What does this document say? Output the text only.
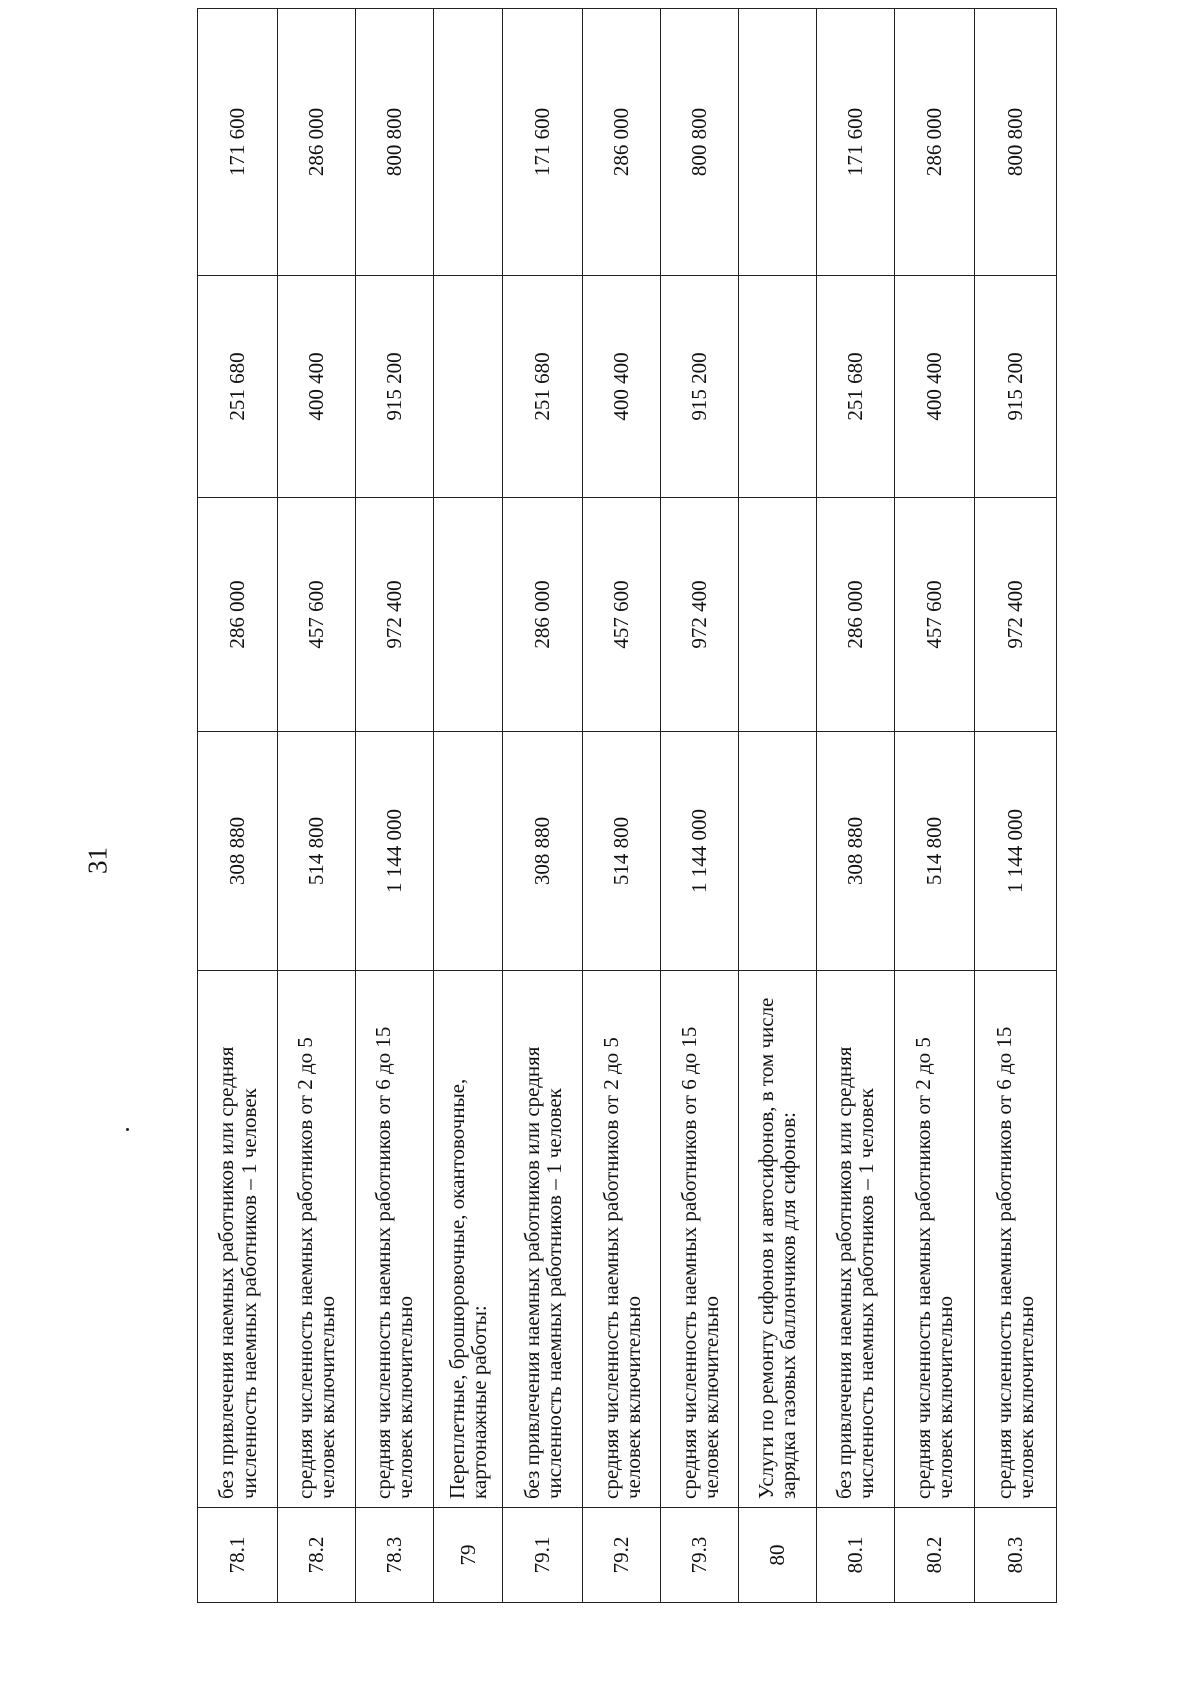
31
78.1	без привлечения наемных работников или средняя численность наемных работников – 1 человек	308 880	286 000	251 680	171 600
78.2	средняя численность наемных работников от 2 до 5 человек включительно	514 800	457 600	400 400	286 000
78.3	средняя численность наемных работников от 6 до 15 человек включительно	1 144 000	972 400	915 200	800 800
79	Переплетные, брошюровочные, окантовочные, картонажные работы:				
79.1	без привлечения наемных работников или средняя численность наемных работников – 1 человек	308 880	286 000	251 680	171 600
79.2	средняя численность наемных работников от 2 до 5 человек включительно	514 800	457 600	400 400	286 000
79.3	средняя численность наемных работников от 6 до 15 человек включительно	1 144 000	972 400	915 200	800 800
80	Услуги по ремонту сифонов и автосифонов, в том числе зарядка газовых баллончиков для сифонов:				
80.1	без привлечения наемных работников или средняя численность наемных работников – 1 человек	308 880	286 000	251 680	171 600
80.2	средняя численность наемных работников от 2 до 5 человек включительно	514 800	457 600	400 400	286 000
80.3	средняя численность наемных работников от 6 до 15 человек включительно	1 144 000	972 400	915 200	800 800
